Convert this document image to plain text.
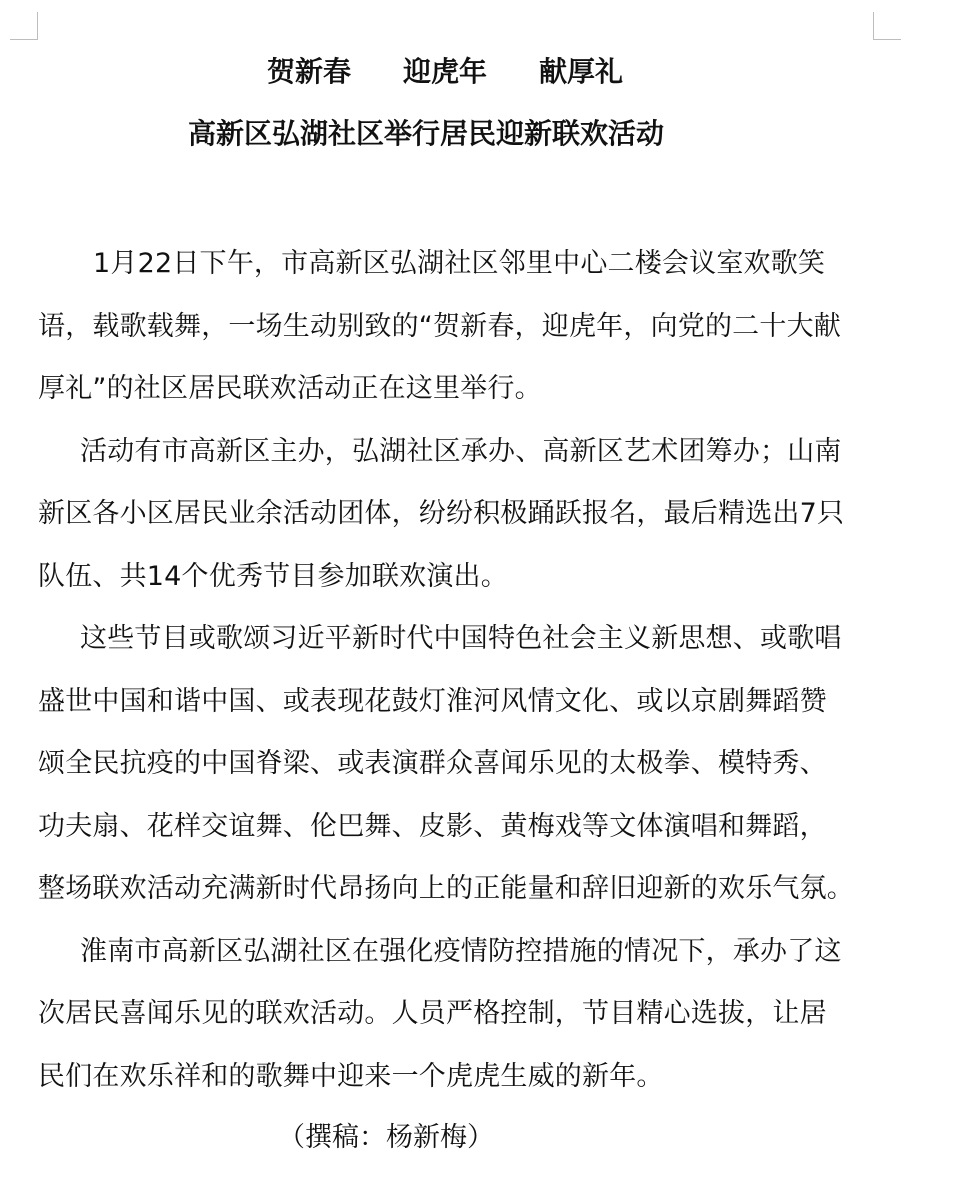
贺新春 迎虎年 献厚礼
高新区弘湖社区举行居民迎新联欢活动

1月22日下午，市高新区弘湖社区邻里中心二楼会议室欢歌笑
语，载歌载舞，一场生动别致的“贺新春，迎虎年，向党的二十大献
厚礼”的社区居民联欢活动正在这里举行。

活动有市高新区主办，弘湖社区承办、高新区艺术团筹办；山南
新区各小区居民业余活动团体，纷纷积极踊跃报名，最后精选出7只
队伍、共14个优秀节目参加联欢演出。

这些节目或歌颂习近平新时代中国特色社会主义新思想、或歌唱
盛世中国和谐中国、或表现花鼓灯淮河风情文化、或以京剧舞蹈赞
颂全民抗疫的中国脊梁、或表演群众喜闻乐见的太极拳、模特秀、
功夫扇、花样交谊舞、伦巴舞、皮影、黄梅戏等文体演唱和舞蹈，
整场联欢活动充满新时代昂扬向上的正能量和辞旧迎新的欢乐气氛。

淮南市高新区弘湖社区在强化疫情防控措施的情况下，承办了这
次居民喜闻乐见的联欢活动。人员严格控制，节目精心选拔，让居
民们在欢乐祥和的歌舞中迎来一个虎虎生威的新年。

（撰稿：杨新梅）
